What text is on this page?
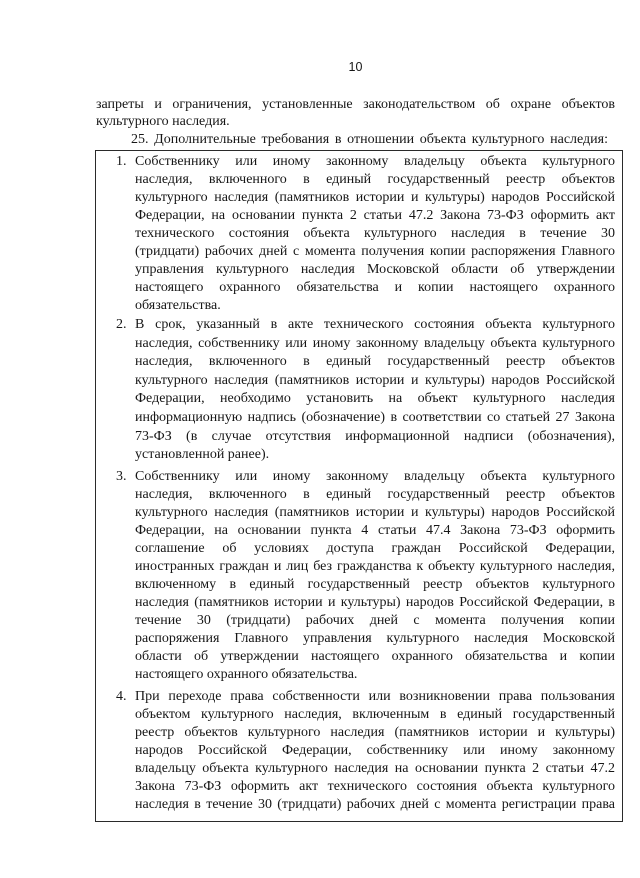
10
запреты и ограничения, установленные законодательством об охране объектов
культурного наследия.
25. Дополнительные требования в отношении объекта культурного наследия:
1. Собственнику или иному законному владельцу объекта культурного
наследия, включенного в единый государственный реестр объектов
культурного наследия (памятников истории и культуры) народов Российской
Федерации, на основании пункта 2 статьи 47.2 Закона 73-ФЗ оформить акт
технического состояния объекта культурного наследия в течение 30
(тридцати) рабочих дней с момента получения копии распоряжения Главного
управления культурного наследия Московской области об утверждении
настоящего охранного обязательства и копии настоящего охранного
обязательства.
2. В срок, указанный в акте технического состояния объекта культурного
наследия, собственнику или иному законному владельцу объекта культурного
наследия, включенного в единый государственный реестр объектов
культурного наследия (памятников истории и культуры) народов Российской
Федерации, необходимо установить на объект культурного наследия
информационную надпись (обозначение) в соответствии со статьей 27 Закона
73-ФЗ (в случае отсутствия информационной надписи (обозначения),
установленной ранее).
3. Собственнику или иному законному владельцу объекта культурного
наследия, включенного в единый государственный реестр объектов
культурного наследия (памятников истории и культуры) народов Российской
Федерации, на основании пункта 4 статьи 47.4 Закона 73-ФЗ оформить
соглашение об условиях доступа граждан Российской Федерации,
иностранных граждан и лиц без гражданства к объекту культурного наследия,
включенному в единый государственный реестр объектов культурного
наследия (памятников истории и культуры) народов Российской Федерации, в
течение 30 (тридцати) рабочих дней с момента получения копии
распоряжения Главного управления культурного наследия Московской
области об утверждении настоящего охранного обязательства и копии
настоящего охранного обязательства.
4. При переходе права собственности или возникновении права пользования
объектом культурного наследия, включенным в единый государственный
реестр объектов культурного наследия (памятников истории и культуры)
народов Российской Федерации, собственнику или иному законному
владельцу объекта культурного наследия на основании пункта 2 статьи 47.2
Закона 73-ФЗ оформить акт технического состояния объекта культурного
наследия в течение 30 (тридцати) рабочих дней с момента регистрации права
